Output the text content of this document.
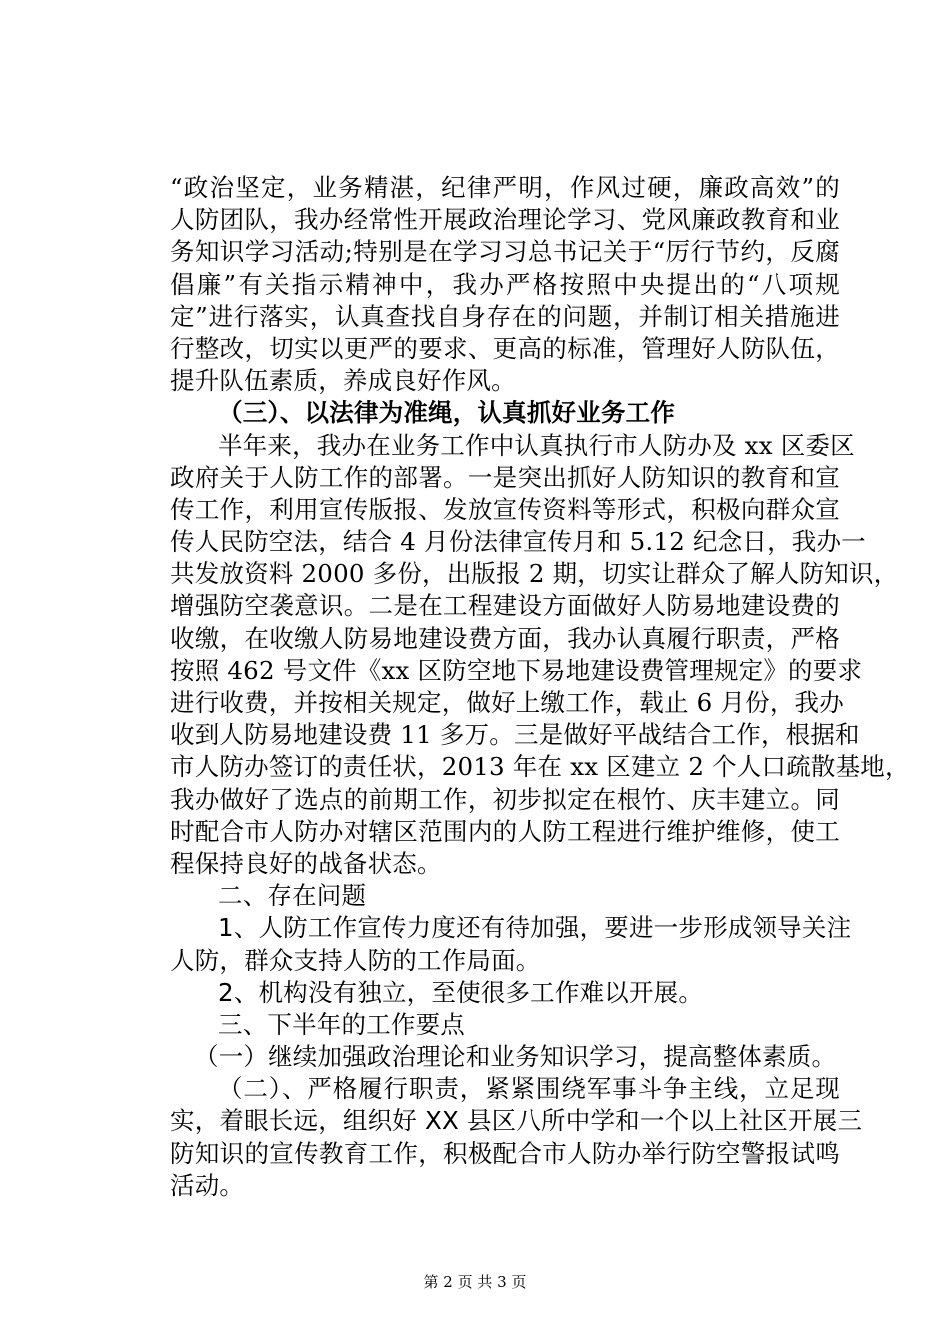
“政治坚定，业务精湛，纪律严明，作风过硬，廉政高效”的
人防团队，我办经常性开展政治理论学习、党风廉政教育和业
务知识学习活动;特别是在学习习总书记关于“厉行节约，反腐
倡廉”有关指示精神中，我办严格按照中央提出的“八项规
定”进行落实，认真查找自身存在的问题，并制订相关措施进
行整改，切实以更严的要求、更高的标准，管理好人防队伍，
提升队伍素质，养成良好作风。
（三）、以法律为准绳，认真抓好业务工作
半年来，我办在业务工作中认真执行市人防办及 xx 区委区
政府关于人防工作的部署。一是突出抓好人防知识的教育和宣
传工作，利用宣传版报、发放宣传资料等形式，积极向群众宣
传人民防空法，结合 4 月份法律宣传月和 5.12 纪念日，我办一
共发放资料 2000 多份，出版报 2 期，切实让群众了解人防知识，
增强防空袭意识。二是在工程建设方面做好人防易地建设费的
收缴，在收缴人防易地建设费方面，我办认真履行职责，严格
按照 462 号文件《xx 区防空地下易地建设费管理规定》的要求
进行收费，并按相关规定，做好上缴工作，载止 6 月份，我办
收到人防易地建设费 11 多万。三是做好平战结合工作，根据和
市人防办签订的责任状，2013 年在 xx 区建立 2 个人口疏散基地，
我办做好了选点的前期工作，初步拟定在根竹、庆丰建立。同
时配合市人防办对辖区范围内的人防工程进行维护维修，使工
程保持良好的战备状态。
二、存在问题
1、人防工作宣传力度还有待加强，要进一步形成领导关注
人防，群众支持人防的工作局面。
2、机构没有独立，至使很多工作难以开展。
三、下半年的工作要点
（一）继续加强政治理论和业务知识学习，提高整体素质。
（二）、严格履行职责，紧紧围绕军事斗争主线，立足现
实，着眼长远，组织好 XX 县区八所中学和一个以上社区开展三
防知识的宣传教育工作，积极配合市人防办举行防空警报试鸣
活动。
第 2 页 共 3 页
